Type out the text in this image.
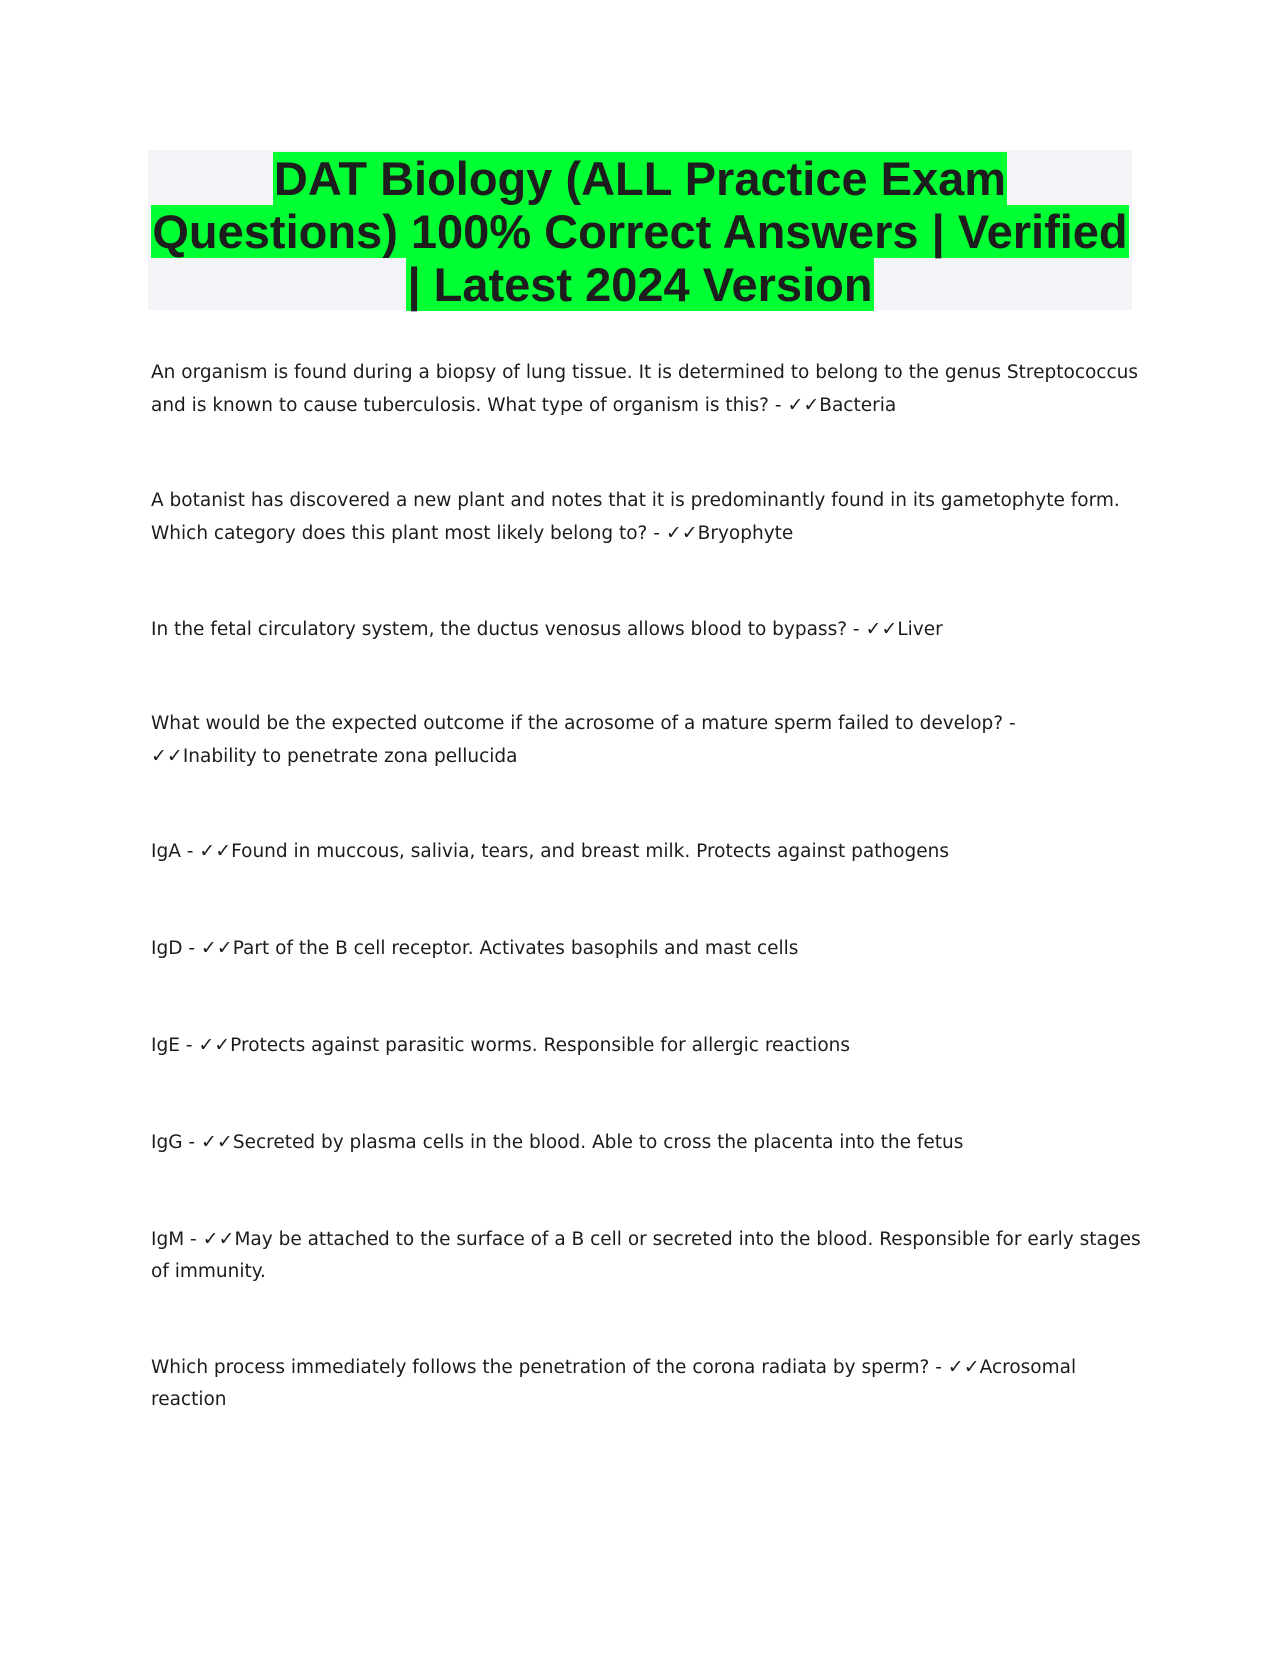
DAT Biology (ALL Practice Exam Questions) 100% Correct Answers | Verified | Latest 2024 Version

An organism is found during a biopsy of lung tissue. It is determined to belong to the genus Streptococcus and is known to cause tuberculosis. What type of organism is this? - ✓✓Bacteria

A botanist has discovered a new plant and notes that it is predominantly found in its gametophyte form. Which category does this plant most likely belong to? - ✓✓Bryophyte

In the fetal circulatory system, the ductus venosus allows blood to bypass? - ✓✓Liver

What would be the expected outcome if the acrosome of a mature sperm failed to develop? -
✓✓Inability to penetrate zona pellucida

IgA - ✓✓Found in muccous, salivia, tears, and breast milk. Protects against pathogens

IgD - ✓✓Part of the B cell receptor. Activates basophils and mast cells

IgE - ✓✓Protects against parasitic worms. Responsible for allergic reactions

IgG - ✓✓Secreted by plasma cells in the blood. Able to cross the placenta into the fetus

IgM - ✓✓May be attached to the surface of a B cell or secreted into the blood. Responsible for early stages of immunity.

Which process immediately follows the penetration of the corona radiata by sperm? - ✓✓Acrosomal reaction
